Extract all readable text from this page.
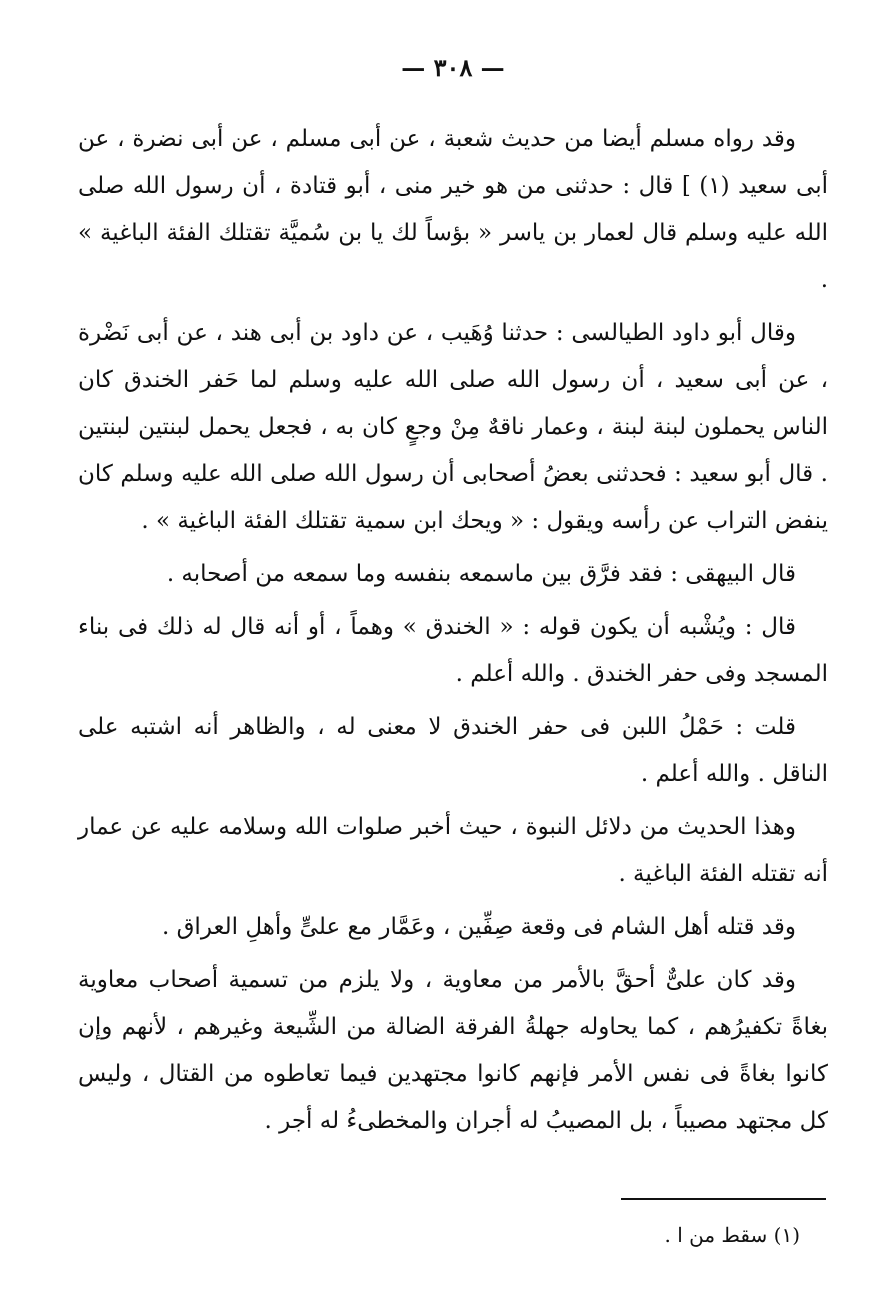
— ٣٠٨ —

وقد رواه مسلم أيضا من حديث شعبة ، عن أبى مسلم ، عن أبى نضرة ، عن أبى سعيد (١) ] قال : حدثنى من هو خير منى ، أبو قتادة ، أن رسول الله صلى الله عليه وسلم قال لعمار بن ياسر « بؤساً لك يا بن سُميَّة تقتلك الفئة الباغية » .

وقال أبو داود الطيالسى : حدثنا وُهَيب ، عن داود بن أبى هند ، عن أبى نَضْرة ، عن أبى سعيد ، أن رسول الله صلى الله عليه وسلم لما حَفر الخندق كان الناس يحملون لبنة لبنة ، وعمار ناقهٌ مِنْ وجعٍ كان به ، فجعل يحمل لبنتين لبنتين . قال أبو سعيد : فحدثنى بعضُ أصحابى أن رسول الله صلى الله عليه وسلم كان ينفض التراب عن رأسه ويقول : « ويحك ابن سمية تقتلك الفئة الباغية » .

قال البيهقى : فقد فرَّق بين ماسمعه بنفسه وما سمعه من أصحابه .

قال : ويُشْبه أن يكون قوله : « الخندق » وهماً ، أو أنه قال له ذلك فى بناء المسجد وفى حفر الخندق . والله أعلم .

قلت : حَمْلُ اللبن فى حفر الخندق لا معنى له ، والظاهر أنه اشتبه على الناقل . والله أعلم .

وهذا الحديث من دلائل النبوة ، حيث أخبر صلوات الله وسلامه عليه عن عمار أنه تقتله الفئة الباغية .

وقد قتله أهل الشام فى وقعة صِفِّين ، وعَمَّار مع علىٍّ وأهلِ العراق .

وقد كان علىٌّ أحقَّ بالأمر من معاوية ، ولا يلزم من تسمية أصحاب معاوية بغاةً تكفيرُهم ، كما يحاوله جهلةُ الفرقة الضالة من الشِّيعة وغيرهم ، لأنهم وإن كانوا بغاةً فى نفس الأمر فإنهم كانوا مجتهدين فيما تعاطوه من القتال ، وليس كل مجتهد مصيباً ، بل المصيبُ له أجران والمخطىءُ له أجر .

(١) سقط من ا .
